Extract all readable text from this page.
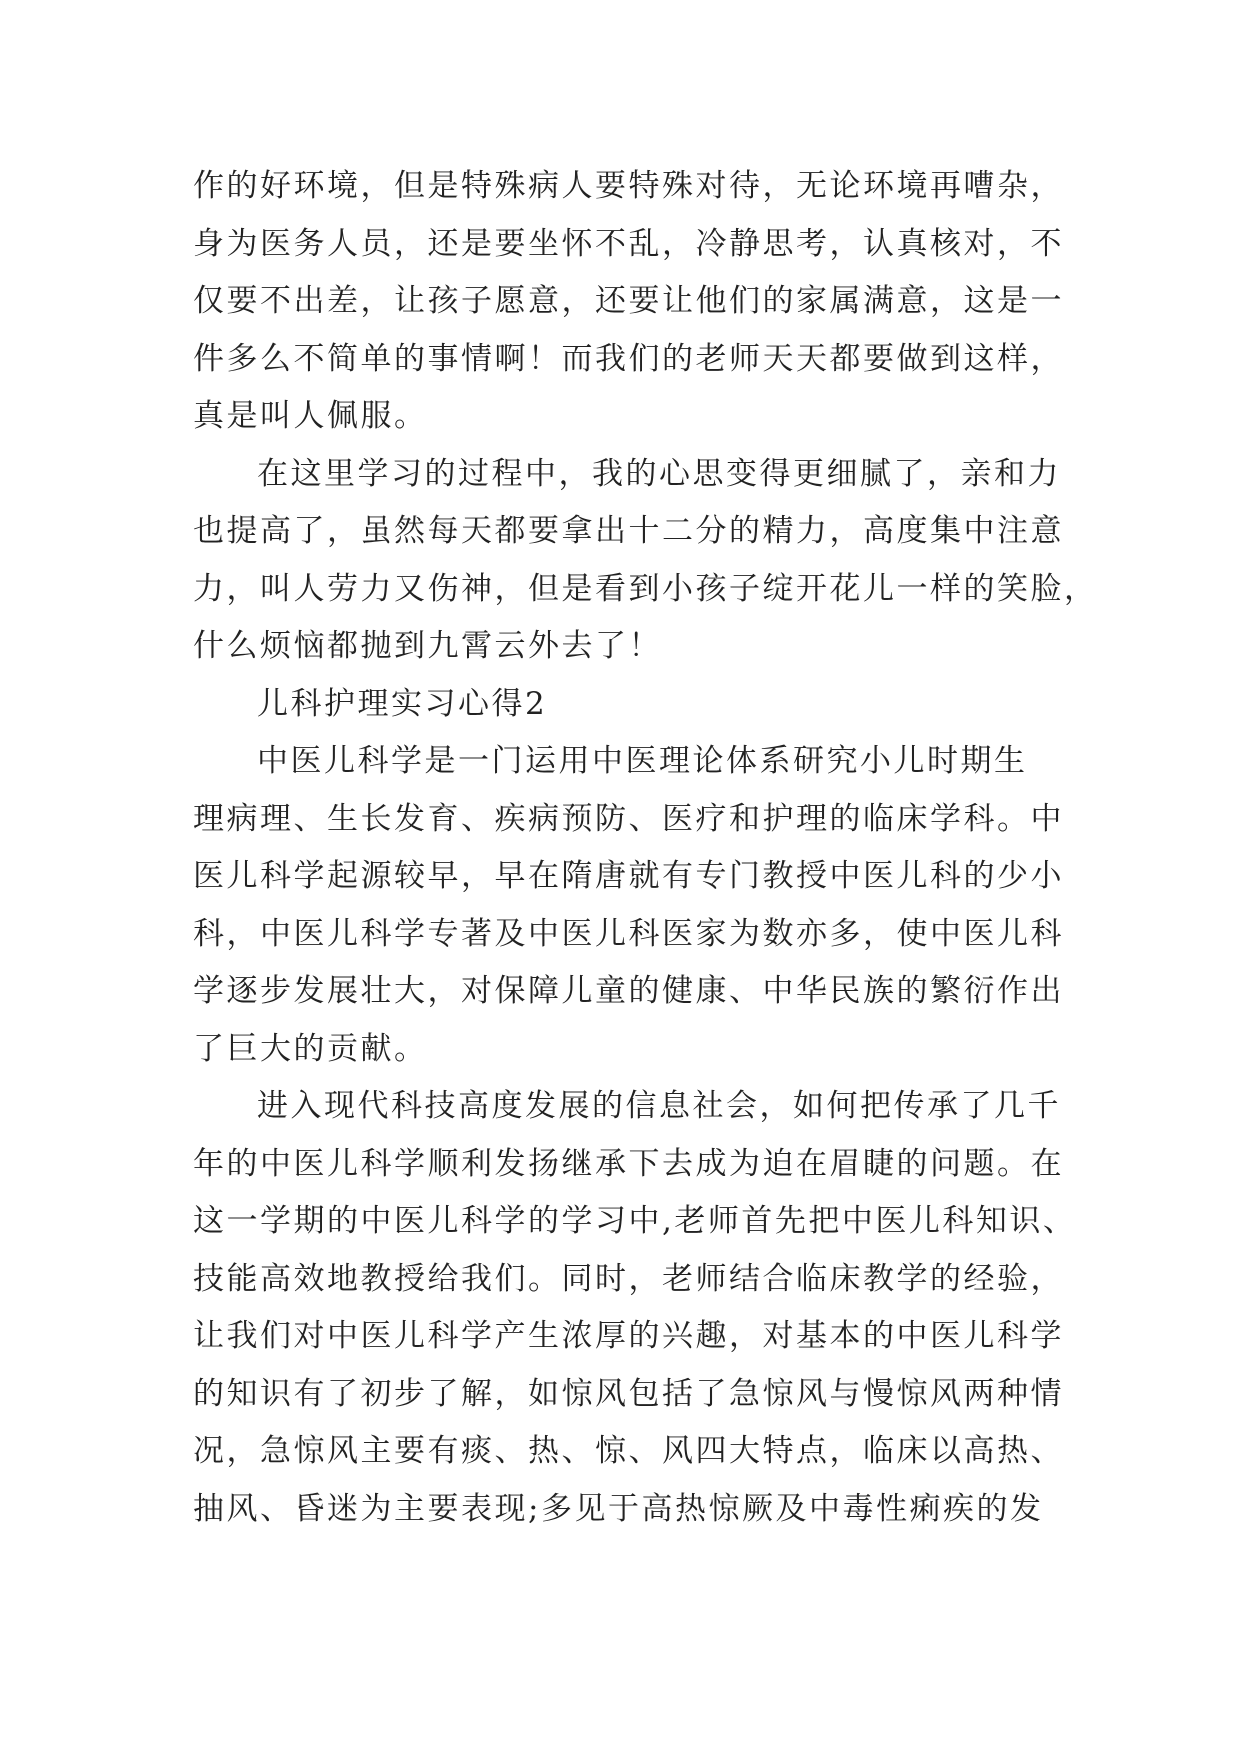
作的好环境，但是特殊病人要特殊对待，无论环境再嘈杂，
身为医务人员，还是要坐怀不乱，冷静思考，认真核对，不
仅要不出差，让孩子愿意，还要让他们的家属满意，这是一
件多么不简单的事情啊！而我们的老师天天都要做到这样，
真是叫人佩服。
在这里学习的过程中，我的心思变得更细腻了，亲和力
也提高了，虽然每天都要拿出十二分的精力，高度集中注意
力，叫人劳力又伤神，但是看到小孩子绽开花儿一样的笑脸，
什么烦恼都抛到九霄云外去了！
儿科护理实习心得2
中医儿科学是一门运用中医理论体系研究小儿时期生
理病理、生长发育、疾病预防、医疗和护理的临床学科。中
医儿科学起源较早，早在隋唐就有专门教授中医儿科的少小
科，中医儿科学专著及中医儿科医家为数亦多，使中医儿科
学逐步发展壮大，对保障儿童的健康、中华民族的繁衍作出
了巨大的贡献。
进入现代科技高度发展的信息社会，如何把传承了几千
年的中医儿科学顺利发扬继承下去成为迫在眉睫的问题。在
这一学期的中医儿科学的学习中,老师首先把中医儿科知识、
技能高效地教授给我们。同时，老师结合临床教学的经验，
让我们对中医儿科学产生浓厚的兴趣，对基本的中医儿科学
的知识有了初步了解，如惊风包括了急惊风与慢惊风两种情
况，急惊风主要有痰、热、惊、风四大特点，临床以高热、
抽风、昏迷为主要表现;多见于高热惊厥及中毒性痢疾的发
